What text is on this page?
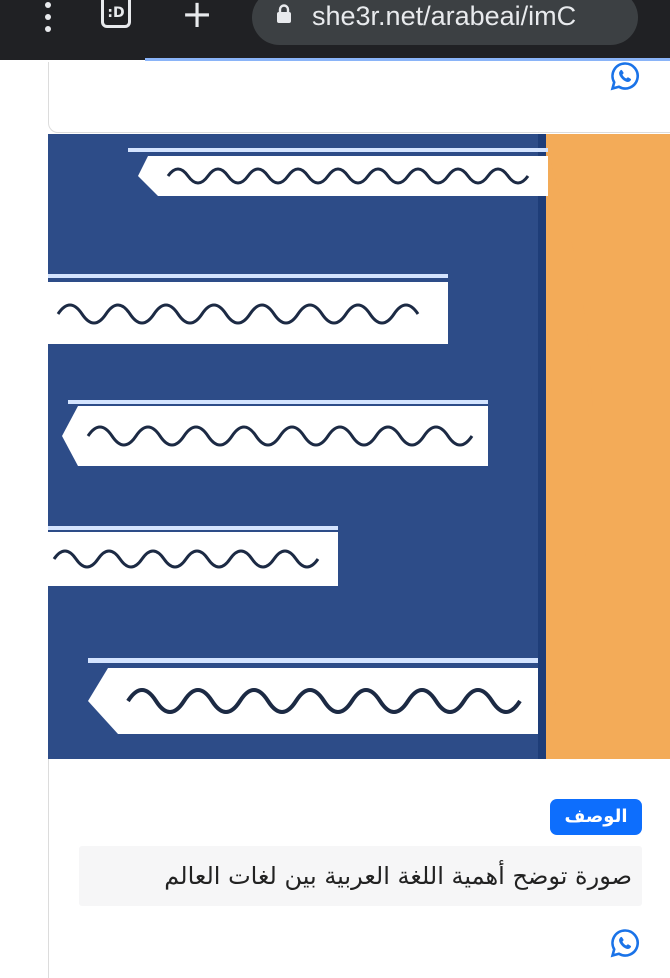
:D +	she3r.net/arabeai/imC
الوصف
صورة توضح أهمية اللغة العربية بين لغات العالم
